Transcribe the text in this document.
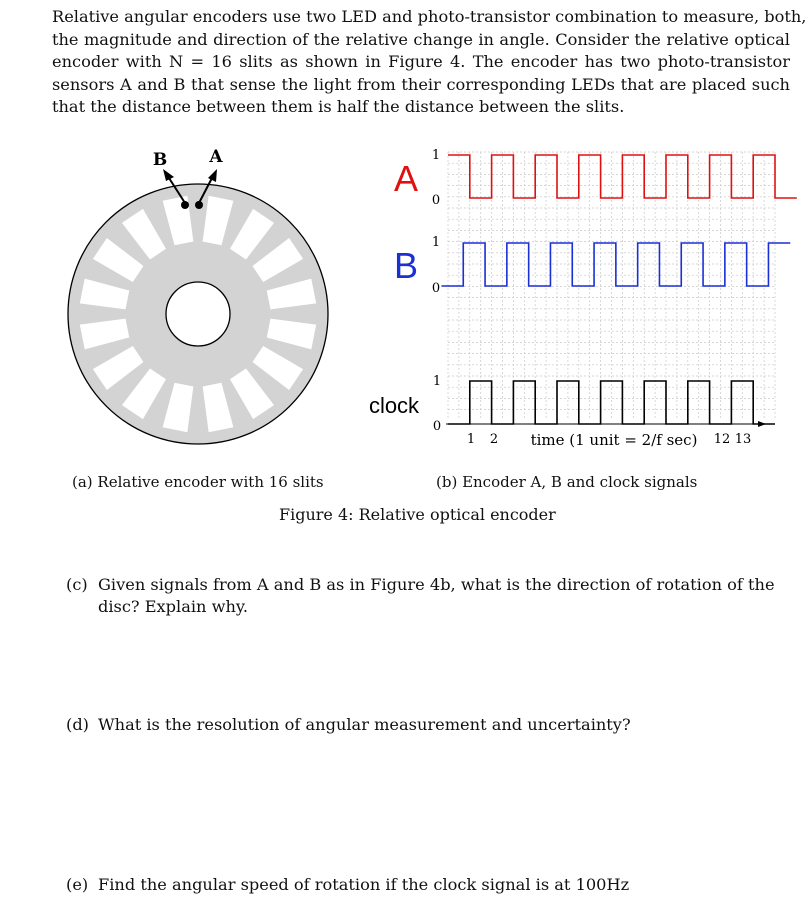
Relative angular encoders use two LED and photo-transistor combination to measure, both,
the magnitude and direction of the relative change in angle. Consider the relative optical
encoder with N = 16 slits as shown in Figure 4. The encoder has two photo-transistor
sensors A and B that sense the light from their corresponding LEDs that are placed such
that the distance between them is half the distance between the slits.
B A
A
1
0
B
1
0
clock
1
0
1 2 time (1 unit = 2/f sec) 12 13
(a) Relative encoder with 16 slits	(b) Encoder A, B and clock signals
Figure 4: Relative optical encoder
(c) Given signals from A and B as in Figure 4b, what is the direction of rotation of the
disc? Explain why.
(d) What is the resolution of angular measurement and uncertainty?
(e) Find the angular speed of rotation if the clock signal is at 100Hz
